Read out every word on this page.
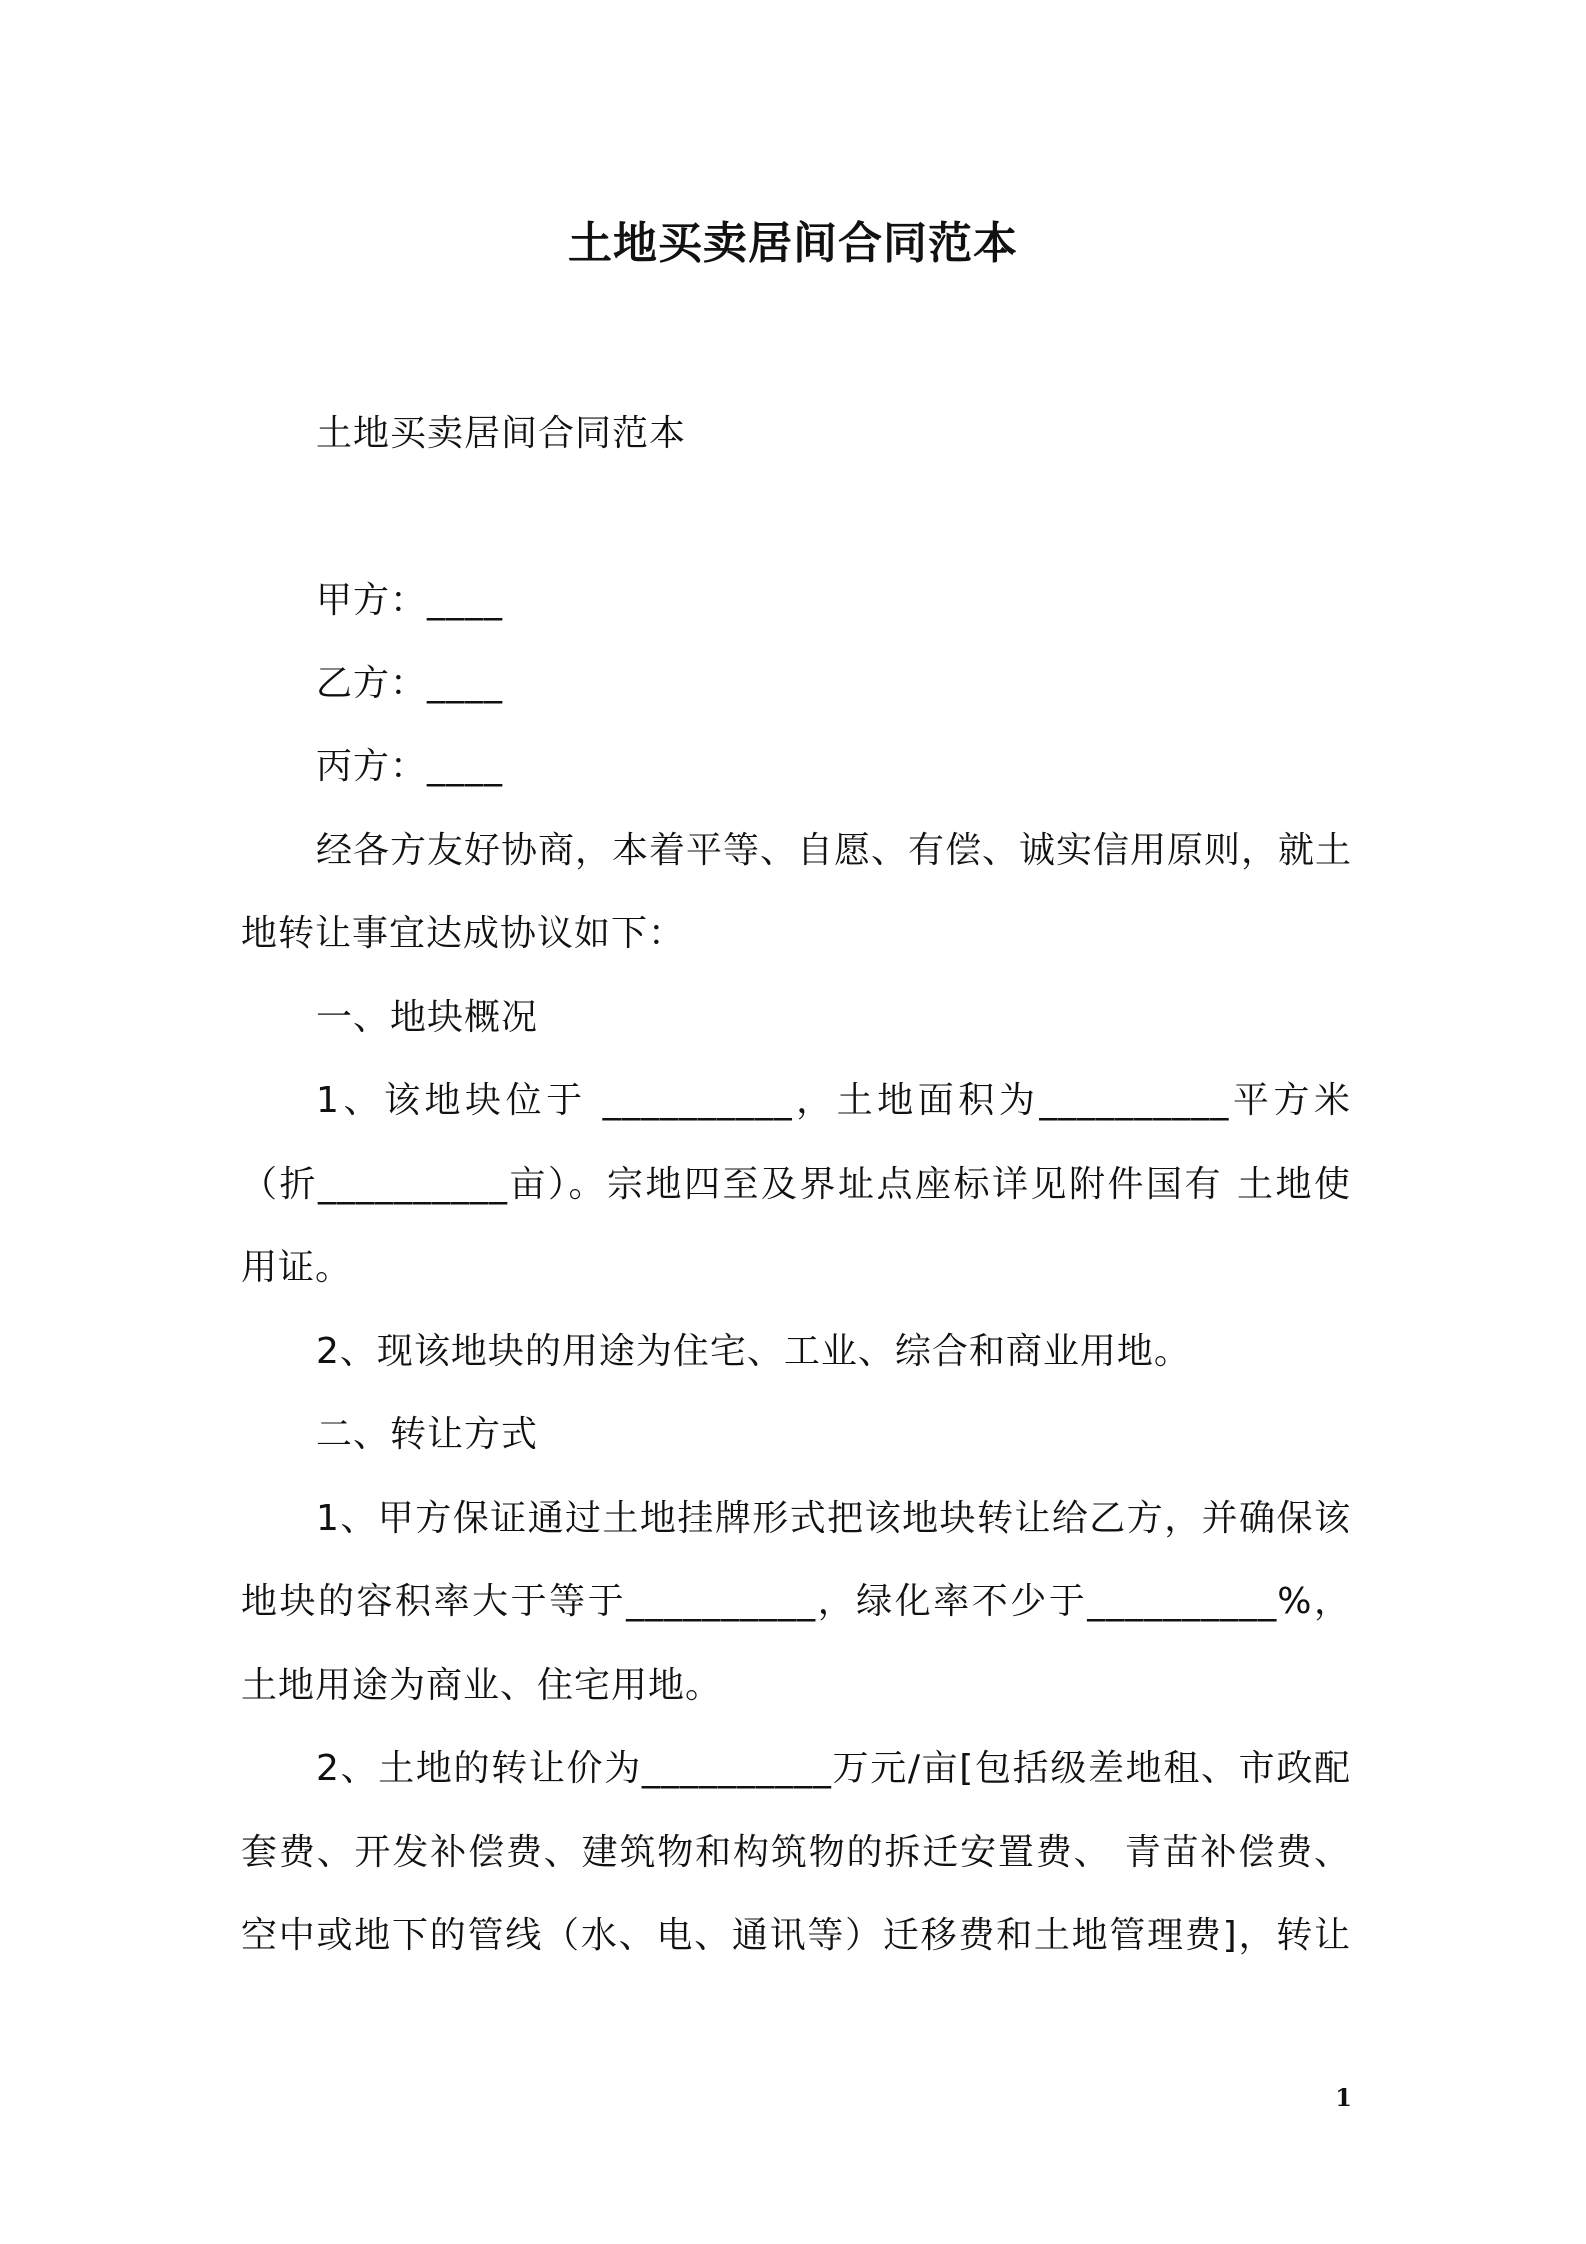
土地买卖居间合同范本
土地买卖居间合同范本
甲方：____
乙方：____
丙方：____
经各方友好协商，本着平等、自愿、有偿、诚实信用原则，就土
地转让事宜达成协议如下：
一、地块概况
1、该地块位于 __________，土地面积为__________平方米
（折__________亩）。宗地四至及界址点座标详见附件国有 土地使
用证。
2、现该地块的用途为住宅、工业、综合和商业用地。
二、转让方式
1、甲方保证通过土地挂牌形式把该地块转让给乙方，并确保该
地块的容积率大于等于__________，绿化率不少于__________%，
土地用途为商业、住宅用地。
2、土地的转让价为__________万元/亩[包括级差地租、市政配
套费、开发补偿费、建筑物和构筑物的拆迁安置费、 青苗补偿费、
空中或地下的管线（水、电、通讯等）迁移费和土地管理费]，转让
1
